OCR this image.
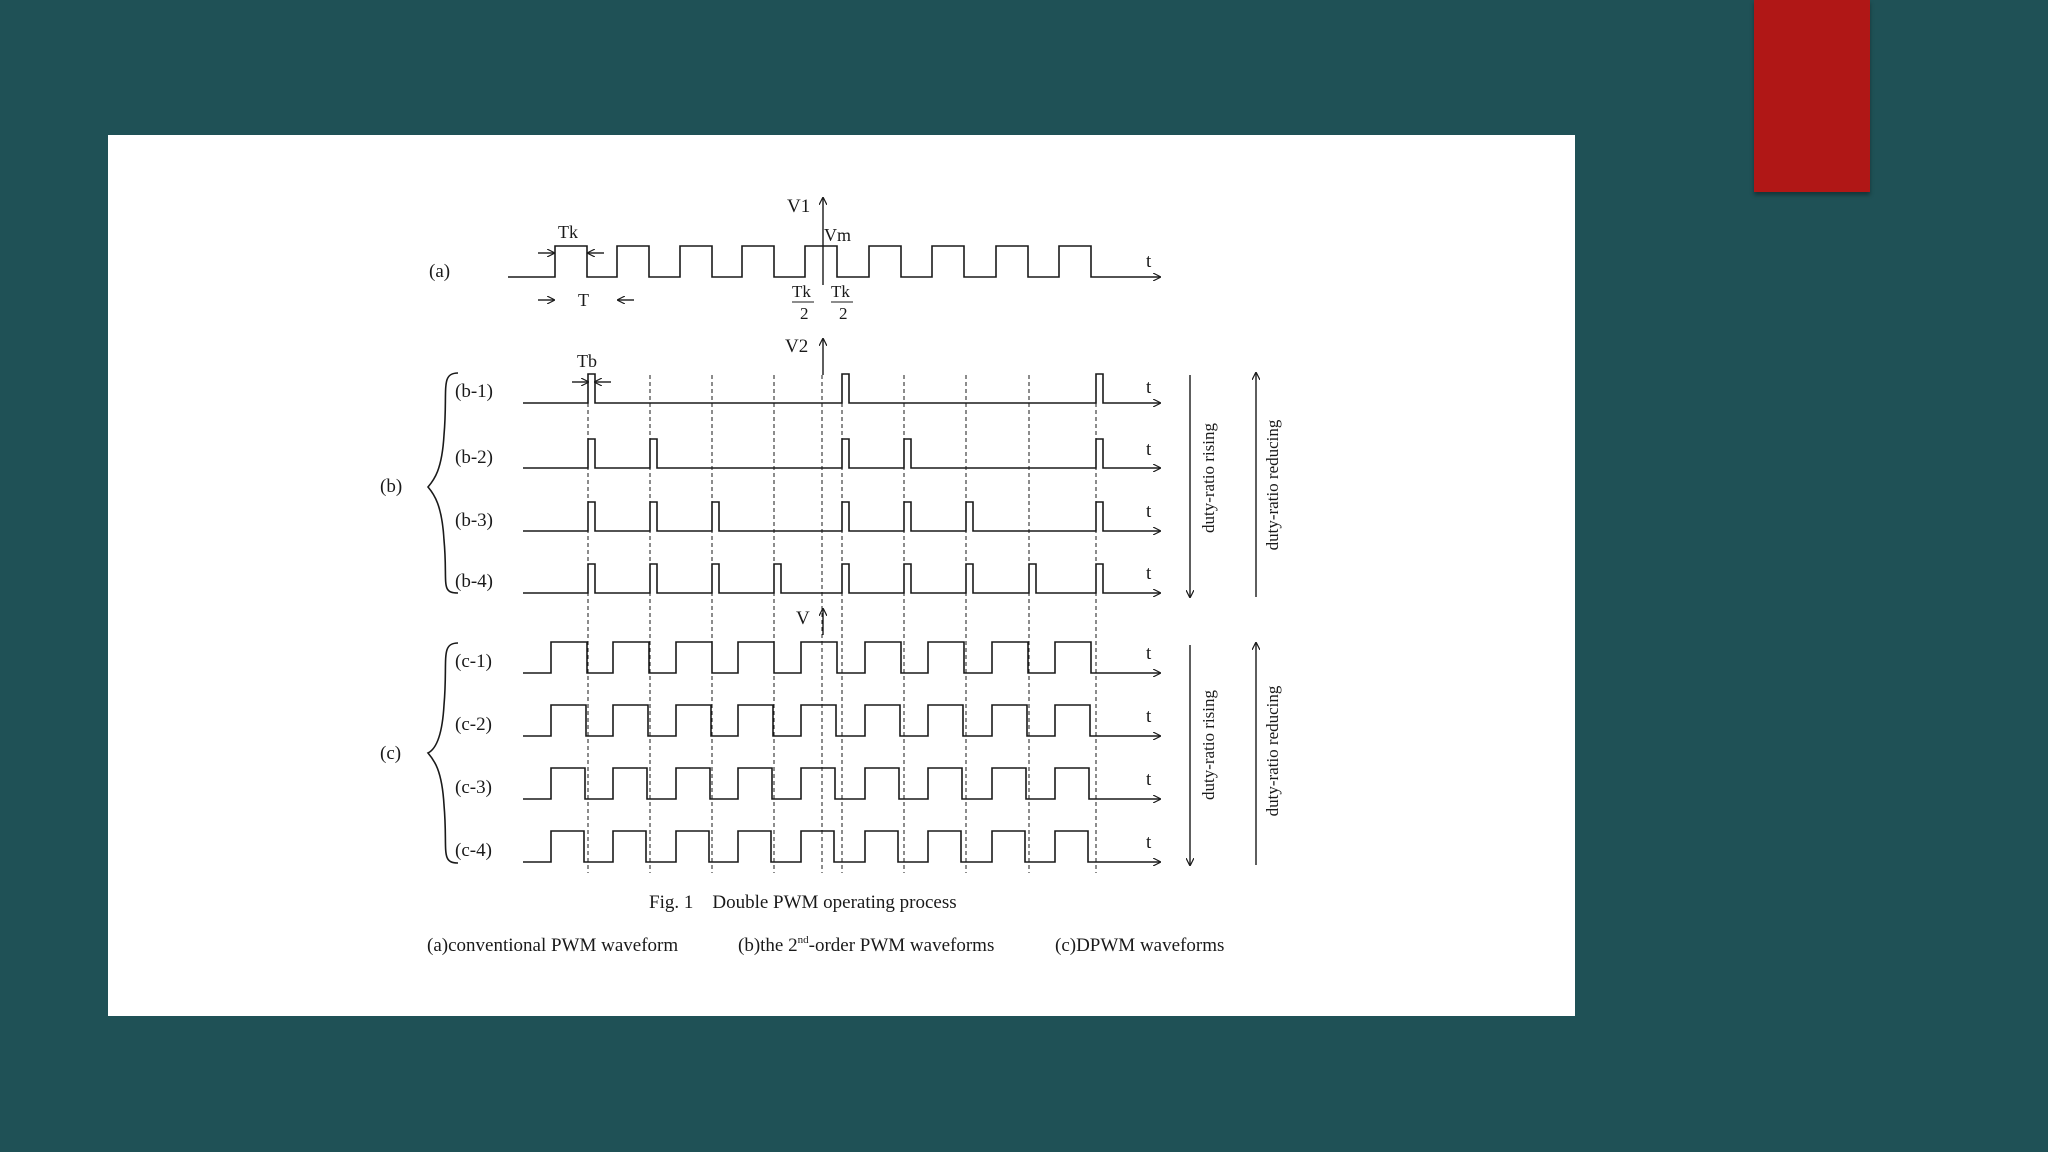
(a)
(b-1)
(b-2)
(b-3)
(b-4)
(c-1)
(c-2)
(c-3)
(c-4)
(b)
(c)
V1
V2
V
Tk	Vm
T	Tk
2
Tk
2
Tb
t
t
t
t
t
t
t
t
t
duty-ratio rising	duty-ratio reducing
duty-ratio rising	duty-ratio reducing
Fig. 1    Double PWM operating process
(a)conventional PWM waveform	(b)the 2nd-order PWM waveforms	(c)DPWM waveforms
